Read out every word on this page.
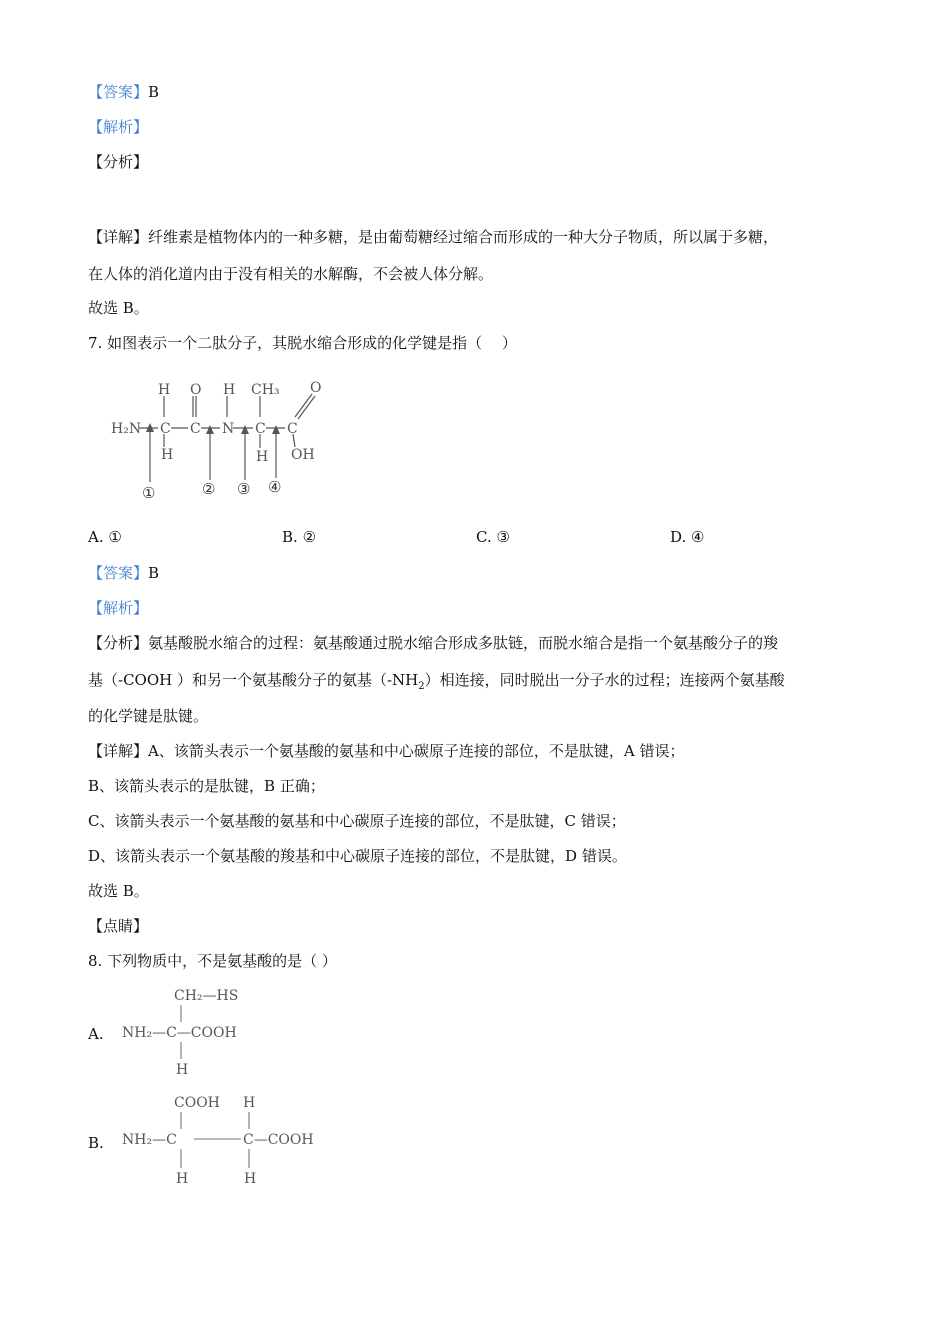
【答案】B
【解析】
【分析】
【详解】纤维素是植物体内的一种多糖，是由葡萄糖经过缩合而形成的一种大分子物质，所以属于多糖，
在人体的消化道内由于没有相关的水解酶，不会被人体分解。
故选 B。
7. 如图表示一个二肽分子，其脱水缩合形成的化学键是指（　 ）
H₂N
H
C
H
O
C
H
N
CH₃
C
H
C
O
OH
①	② ③ ④
A. ①	B. ②	C. ③	D. ④
【答案】B
【解析】
【分析】氨基酸脱水缩合的过程：氨基酸通过脱水缩合形成多肽链，而脱水缩合是指一个氨基酸分子的羧
基（-COOH ）和另一个氨基酸分子的氨基$(-NH_2)$相连接，同时脱出一分子水的过程；连接两个氨基酸
的化学键是肽键。
【详解】A、该箭头表示一个氨基酸的氨基和中心碳原子连接的部位，不是肽键，A 错误；
B、该箭头表示的是肽键，B 正确；
C、该箭头表示一个氨基酸的氨基和中心碳原子连接的部位，不是肽键，C 错误；
D、该箭头表示一个氨基酸的羧基和中心碳原子连接的部位，不是肽键，D 错误。
故选 B。
【点睛】
8. 下列物质中，不是氨基酸的是（ ）
A.
CH₂—HS
NH₂—C—COOH
H
B.
COOH H
NH₂—C	C—COOH
H	H
